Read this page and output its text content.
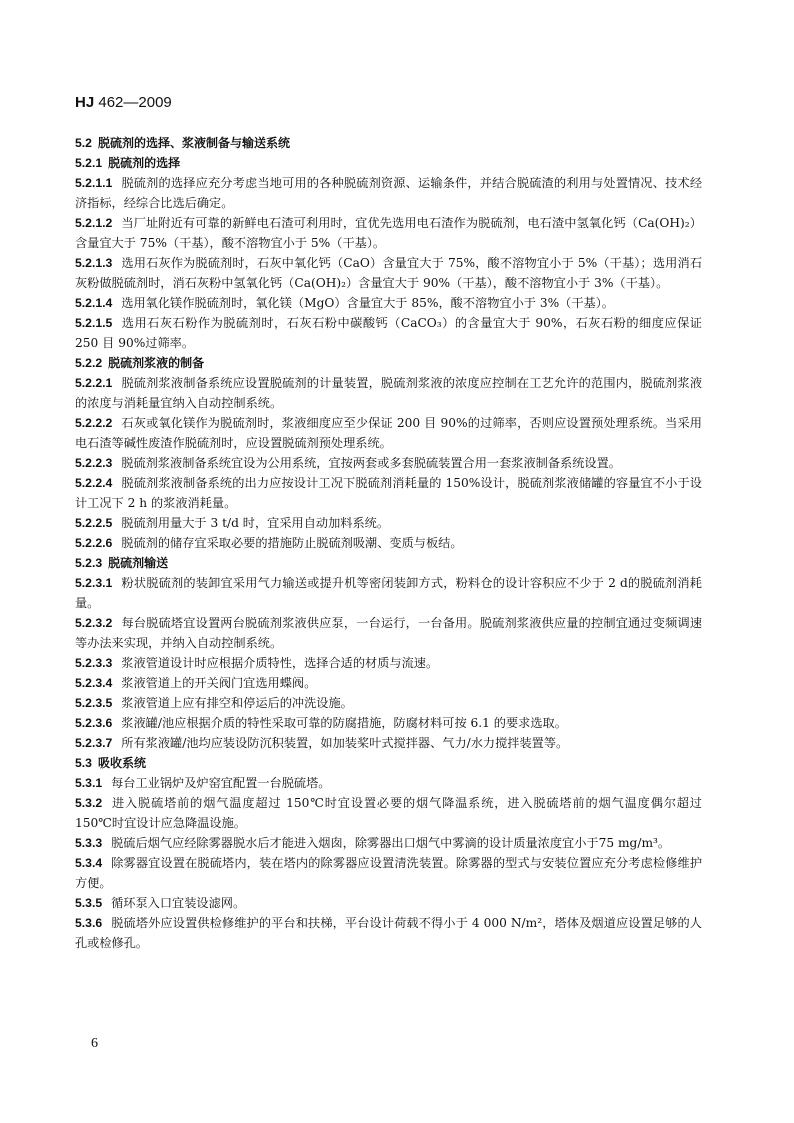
HJ 462—2009

5.2 脱硫剂的选择、浆液制备与输送系统

5.2.1 脱硫剂的选择

5.2.1.1 脱硫剂的选择应充分考虑当地可用的各种脱硫剂资源、运输条件，并结合脱硫渣的利用与处置情况、技术经济指标，经综合比选后确定。

5.2.1.2 当厂址附近有可靠的新鲜电石渣可利用时，宜优先选用电石渣作为脱硫剂，电石渣中氢氧化钙（Ca(OH)₂）含量宜大于 75%（干基），酸不溶物宜小于 5%（干基）。

5.2.1.3 选用石灰作为脱硫剂时，石灰中氧化钙（CaO）含量宜大于 75%，酸不溶物宜小于 5%（干基）；选用消石灰粉做脱硫剂时，消石灰粉中氢氧化钙（Ca(OH)₂）含量宜大于 90%（干基），酸不溶物宜小于 3%（干基）。

5.2.1.4 选用氧化镁作脱硫剂时，氧化镁（MgO）含量宜大于 85%，酸不溶物宜小于 3%（干基）。

5.2.1.5 选用石灰石粉作为脱硫剂时，石灰石粉中碳酸钙（CaCO₃）的含量宜大于 90%，石灰石粉的细度应保证 250 目 90%过筛率。

5.2.2 脱硫剂浆液的制备

5.2.2.1 脱硫剂浆液制备系统应设置脱硫剂的计量装置，脱硫剂浆液的浓度应控制在工艺允许的范围内，脱硫剂浆液的浓度与消耗量宜纳入自动控制系统。

5.2.2.2 石灰或氧化镁作为脱硫剂时，浆液细度应至少保证 200 目 90%的过筛率，否则应设置预处理系统。当采用电石渣等碱性废渣作脱硫剂时，应设置脱硫剂预处理系统。

5.2.2.3 脱硫剂浆液制备系统宜设为公用系统，宜按两套或多套脱硫装置合用一套浆液制备系统设置。

5.2.2.4 脱硫剂浆液制备系统的出力应按设计工况下脱硫剂消耗量的 150%设计，脱硫剂浆液储罐的容量宜不小于设计工况下 2 h 的浆液消耗量。

5.2.2.5 脱硫剂用量大于 3 t/d 时，宜采用自动加料系统。

5.2.2.6 脱硫剂的储存宜采取必要的措施防止脱硫剂吸潮、变质与板结。

5.2.3 脱硫剂输送

5.2.3.1 粉状脱硫剂的装卸宜采用气力输送或提升机等密闭装卸方式，粉料仓的设计容积应不少于 2 d的脱硫剂消耗量。

5.2.3.2 每台脱硫塔宜设置两台脱硫剂浆液供应泵，一台运行，一台备用。脱硫剂浆液供应量的控制宜通过变频调速等办法来实现，并纳入自动控制系统。

5.2.3.3 浆液管道设计时应根据介质特性，选择合适的材质与流速。

5.2.3.4 浆液管道上的开关阀门宜选用蝶阀。

5.2.3.5 浆液管道上应有排空和停运后的冲洗设施。

5.2.3.6 浆液罐/池应根据介质的特性采取可靠的防腐措施，防腐材料可按 6.1 的要求选取。

5.2.3.7 所有浆液罐/池均应装设防沉积装置，如加装桨叶式搅拌器、气力/水力搅拌装置等。

5.3 吸收系统

5.3.1 每台工业锅炉及炉窑宜配置一台脱硫塔。

5.3.2 进入脱硫塔前的烟气温度超过 150℃时宜设置必要的烟气降温系统，进入脱硫塔前的烟气温度偶尔超过 150℃时宜设计应急降温设施。

5.3.3 脱硫后烟气应经除雾器脱水后才能进入烟囱，除雾器出口烟气中雾滴的设计质量浓度宜小于75 mg/m³。

5.3.4 除雾器宜设置在脱硫塔内，装在塔内的除雾器应设置清洗装置。除雾器的型式与安装位置应充分考虑检修维护方便。

5.3.5 循环泵入口宜装设滤网。

5.3.6 脱硫塔外应设置供检修维护的平台和扶梯，平台设计荷载不得小于 4 000 N/m²，塔体及烟道应设置足够的人孔或检修孔。

6
